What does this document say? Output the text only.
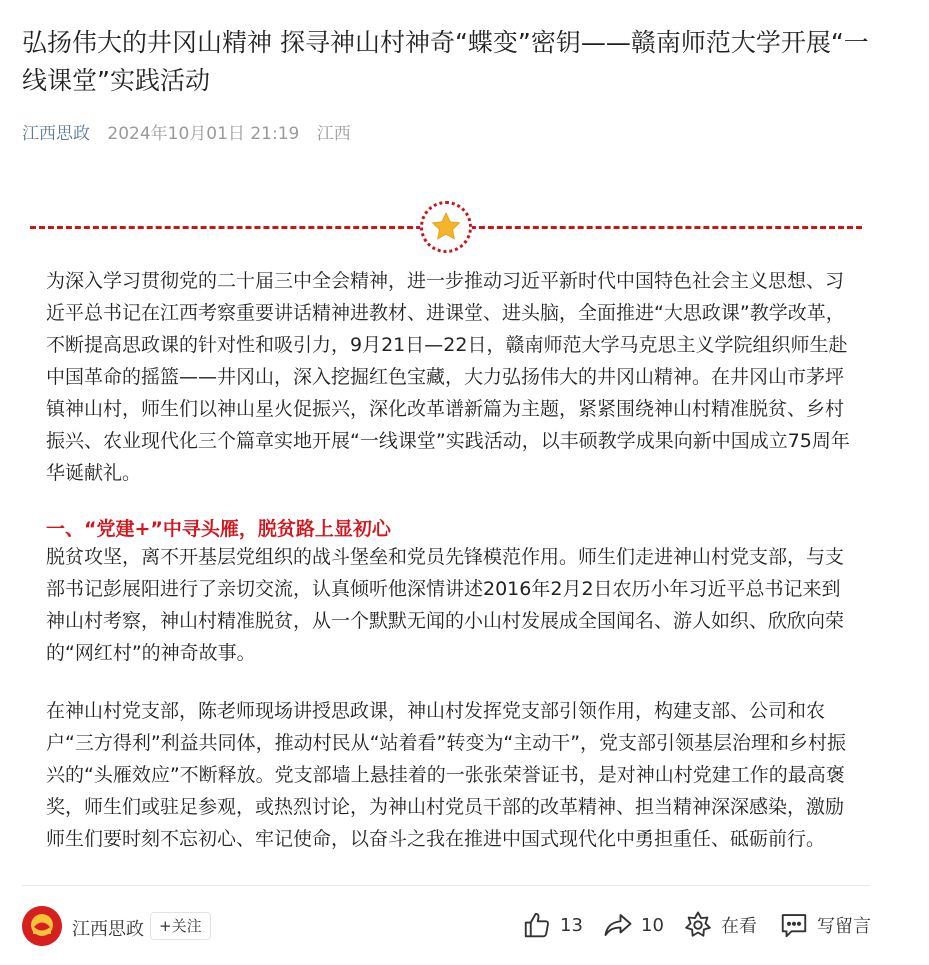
弘扬伟大的井冈山精神 探寻神山村神奇“蝶变”密钥——赣南师范大学开展“一线课堂”实践活动
江西思政 2024年10月01日 21:19 江西

为深入学习贯彻党的二十届三中全会精神，进一步推动习近平新时代中国特色社会主义思想、习近平总书记在江西考察重要讲话精神进教材、进课堂、进头脑，全面推进“大思政课”教学改革，不断提高思政课的针对性和吸引力，9月21日—22日，赣南师范大学马克思主义学院组织师生赴中国革命的摇篮——井冈山，深入挖掘红色宝藏，大力弘扬伟大的井冈山精神。在井冈山市茅坪镇神山村，师生们以神山星火促振兴，深化改革谱新篇为主题，紧紧围绕神山村精准脱贫、乡村振兴、农业现代化三个篇章实地开展“一线课堂”实践活动，以丰硕教学成果向新中国成立75周年华诞献礼。

一、“党建+”中寻头雁，脱贫路上显初心

脱贫攻坚，离不开基层党组织的战斗堡垒和党员先锋模范作用。师生们走进神山村党支部，与支部书记彭展阳进行了亲切交流，认真倾听他深情讲述2016年2月2日农历小年习近平总书记来到神山村考察，神山村精准脱贫，从一个默默无闻的小山村发展成全国闻名、游人如织、欣欣向荣的“网红村”的神奇故事。

在神山村党支部，陈老师现场讲授思政课，神山村发挥党支部引领作用，构建支部、公司和农户“三方得利”利益共同体，推动村民从“站着看”转变为“主动干”，党支部引领基层治理和乡村振兴的“头雁效应”不断释放。党支部墙上悬挂着的一张张荣誉证书，是对神山村党建工作的最高褒奖，师生们或驻足参观，或热烈讨论，为神山村党员干部的改革精神、担当精神深深感染，激励师生们要时刻不忘初心、牢记使命，以奋斗之我在推进中国式现代化中勇担重任、砥砺前行。

江西思政	+关注	13	10	在看	写留言
